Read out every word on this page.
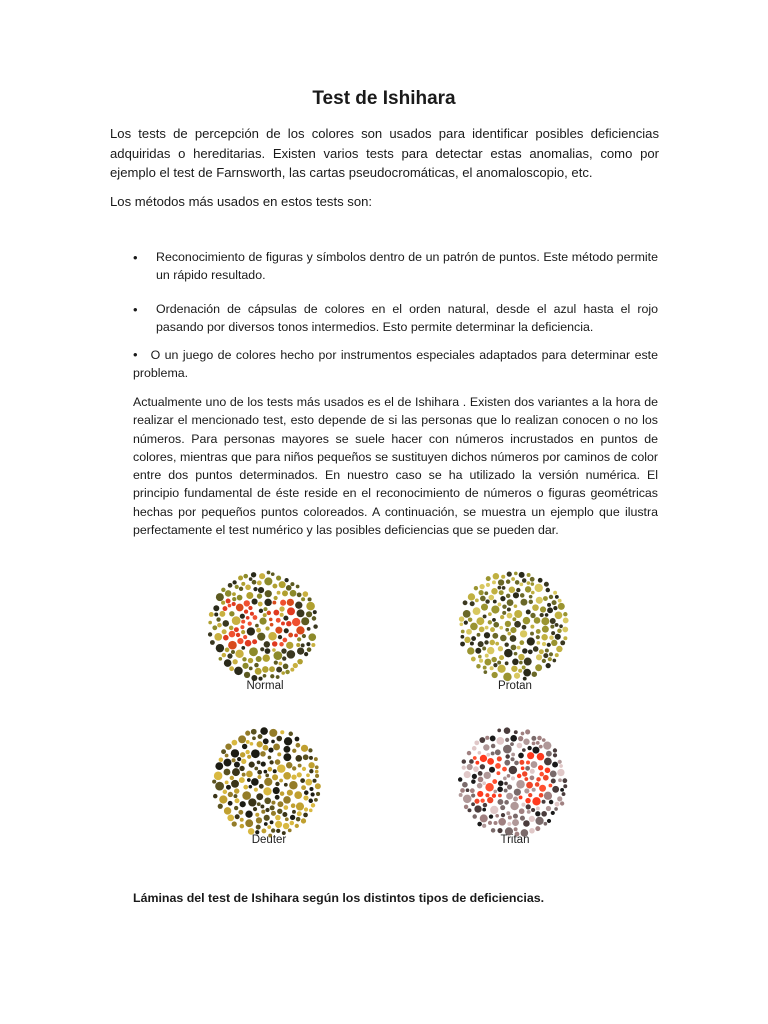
Test de Ishihara

Los tests de percepción de los colores son usados para identificar posibles deficiencias adquiridas o hereditarias. Existen varios tests para detectar estas anomalias, como por ejemplo el test de Farnsworth, las cartas pseudocromáticas, el anomaloscopio, etc.

Los métodos más usados en estos tests son:

• Reconocimiento de figuras y símbolos dentro de un patrón de puntos. Este método permite un rápido resultado.
• Ordenación de cápsulas de colores en el orden natural, desde el azul hasta el rojo pasando por diversos tonos intermedios. Esto permite determinar la deficiencia.
• O un juego de colores hecho por instrumentos especiales adaptados para determinar este problema.

Actualmente uno de los tests más usados es el de Ishihara . Existen dos variantes a la hora de realizar el mencionado test, esto depende de si las personas que lo realizan conocen o no los números. Para personas mayores se suele hacer con números incrustados en puntos de colores, mientras que para niños pequeños se sustituyen dichos números por caminos de color entre dos puntos determinados. En nuestro caso se ha utilizado la versión numérica. El principio fundamental de éste reside en el reconocimiento de números o figuras geométricas hechas por pequeños puntos coloreados. A continuación, se muestra un ejemplo que ilustra perfectamente el test numérico y las posibles deficiencias que se pueden dar.

Normal	Protan
Deuter	Tritan

Láminas del test de Ishihara según los distintos tipos de deficiencias.
